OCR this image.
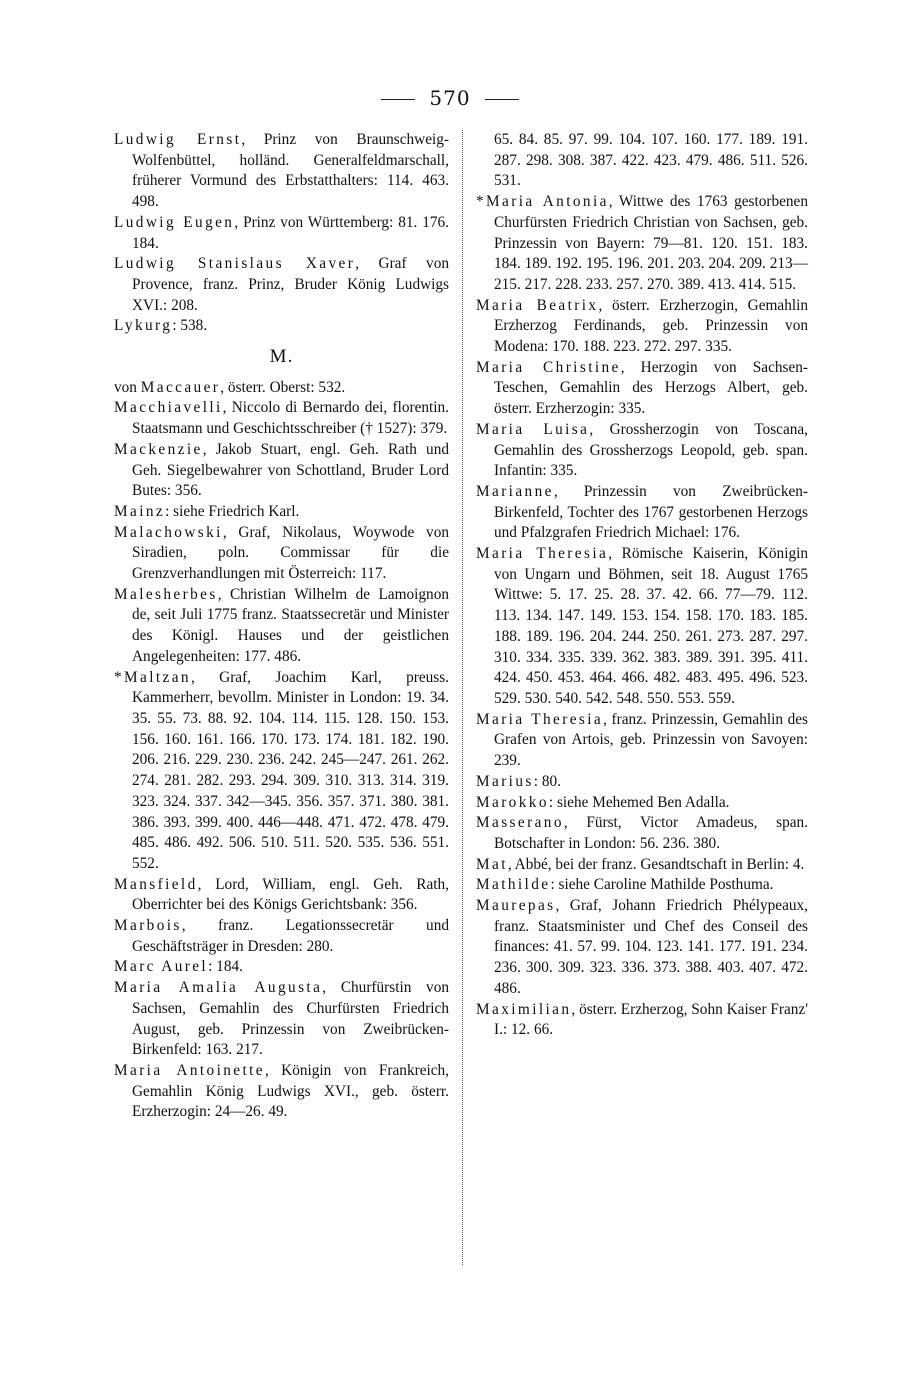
570

Ludwig Ernst, Prinz von Braunschweig-Wolfenbüttel, holländ. Generalfeldmarschall, früherer Vormund des Erbstatthalters: 114. 463. 498.

Ludwig Eugen, Prinz von Württemberg: 81. 176. 184.

Ludwig Stanislaus Xaver, Graf von Provence, franz. Prinz, Bruder König Ludwigs XVI.: 208.

Lykurg: 538.

M.

von Maccauer, österr. Oberst: 532.

Macchiavelli, Niccolo di Bernardo dei, florentin. Staatsmann und Geschichtsschreiber († 1527): 379.

Mackenzie, Jakob Stuart, engl. Geh. Rath und Geh. Siegelbewahrer von Schottland, Bruder Lord Butes: 356.

Mainz: siehe Friedrich Karl.

Malachowski, Graf, Nikolaus, Woywode von Siradien, poln. Commissar für die Grenzverhandlungen mit Österreich: 117.

Malesherbes, Christian Wilhelm de Lamoignon de, seit Juli 1775 franz. Staatssecretär und Minister des Königl. Hauses und der geistlichen Angelegenheiten: 177. 486.

*Maltzan, Graf, Joachim Karl, preuss. Kammerherr, bevollm. Minister in London: 19. 34. 35. 55. 73. 88. 92. 104. 114. 115. 128. 150. 153. 156. 160. 161. 166. 170. 173. 174. 181. 182. 190. 206. 216. 229. 230. 236. 242. 245—247. 261. 262. 274. 281. 282. 293. 294. 309. 310. 313. 314. 319. 323. 324. 337. 342—345. 356. 357. 371. 380. 381. 386. 393. 399. 400. 446—448. 471. 472. 478. 479. 485. 486. 492. 506. 510. 511. 520. 535. 536. 551. 552.

Mansfield, Lord, William, engl. Geh. Rath, Oberrichter bei des Königs Gerichtsbank: 356.

Marbois, franz. Legationssecretär und Geschäftsträger in Dresden: 280.

Marc Aurel: 184.

Maria Amalia Augusta, Churfürstin von Sachsen, Gemahlin des Churfürsten Friedrich August, geb. Prinzessin von Zweibrücken-Birkenfeld: 163. 217.

Maria Antoinette, Königin von Frankreich, Gemahlin König Ludwigs XVI., geb. österr. Erzherzogin: 24—26. 49.

65. 84. 85. 97. 99. 104. 107. 160. 177. 189. 191. 287. 298. 308. 387. 422. 423. 479. 486. 511. 526. 531.

*Maria Antonia, Wittwe des 1763 gestorbenen Churfürsten Friedrich Christian von Sachsen, geb. Prinzessin von Bayern: 79—81. 120. 151. 183. 184. 189. 192. 195. 196. 201. 203. 204. 209. 213—215. 217. 228. 233. 257. 270. 389. 413. 414. 515.

Maria Beatrix, österr. Erzherzogin, Gemahlin Erzherzog Ferdinands, geb. Prinzessin von Modena: 170. 188. 223. 272. 297. 335.

Maria Christine, Herzogin von Sachsen-Teschen, Gemahlin des Herzogs Albert, geb. österr. Erzherzogin: 335.

Maria Luisa, Grossherzogin von Toscana, Gemahlin des Grossherzogs Leopold, geb. span. Infantin: 335.

Marianne, Prinzessin von Zweibrücken-Birkenfeld, Tochter des 1767 gestorbenen Herzogs und Pfalzgrafen Friedrich Michael: 176.

Maria Theresia, Römische Kaiserin, Königin von Ungarn und Böhmen, seit 18. August 1765 Wittwe: 5. 17. 25. 28. 37. 42. 66. 77—79. 112. 113. 134. 147. 149. 153. 154. 158. 170. 183. 185. 188. 189. 196. 204. 244. 250. 261. 273. 287. 297. 310. 334. 335. 339. 362. 383. 389. 391. 395. 411. 424. 450. 453. 464. 466. 482. 483. 495. 496. 523. 529. 530. 540. 542. 548. 550. 553. 559.

Maria Theresia, franz. Prinzessin, Gemahlin des Grafen von Artois, geb. Prinzessin von Savoyen: 239.

Marius: 80.

Marokko: siehe Mehemed Ben Adalla.

Masserano, Fürst, Victor Amadeus, span. Botschafter in London: 56. 236. 380.

Mat, Abbé, bei der franz. Gesandtschaft in Berlin: 4.

Mathilde: siehe Caroline Mathilde Posthuma.

Maurepas, Graf, Johann Friedrich Phélypeaux, franz. Staatsminister und Chef des Conseil des finances: 41. 57. 99. 104. 123. 141. 177. 191. 234. 236. 300. 309. 323. 336. 373. 388. 403. 407. 472. 486.

Maximilian, österr. Erzherzog, Sohn Kaiser Franz' I.: 12. 66.
